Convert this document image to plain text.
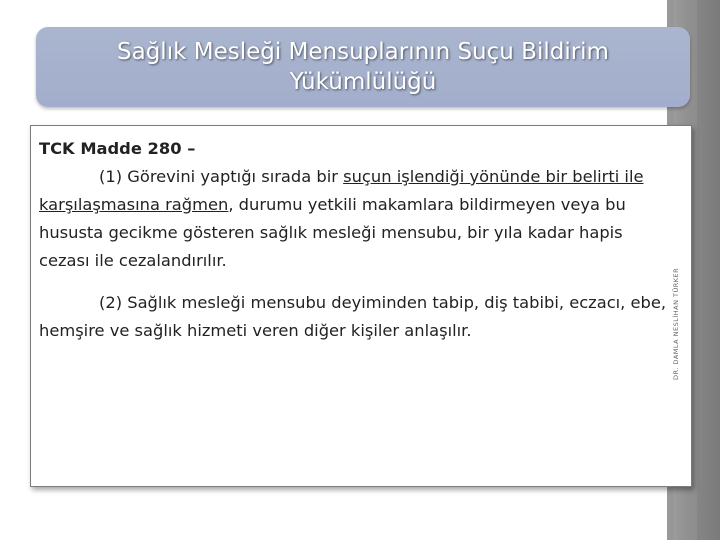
Sağlık Mesleği Mensuplarının Suçu Bildirim
Yükümlülüğü
TCK Madde 280 –

(1) Görevini yaptığı sırada bir suçun işlendiği yönünde bir belirti ile karşılaşmasına rağmen, durumu yetkili makamlara bildirmeyen veya bu hususta gecikme gösteren sağlık mesleği mensubu, bir yıla kadar hapis cezası ile cezalandırılır.

(2) Sağlık mesleği mensubu deyiminden tabip, diş tabibi, eczacı, ebe, hemşire ve sağlık hizmeti veren diğer kişiler anlaşılır.	DR. DAMLA NESLİHAN TÜRKER
